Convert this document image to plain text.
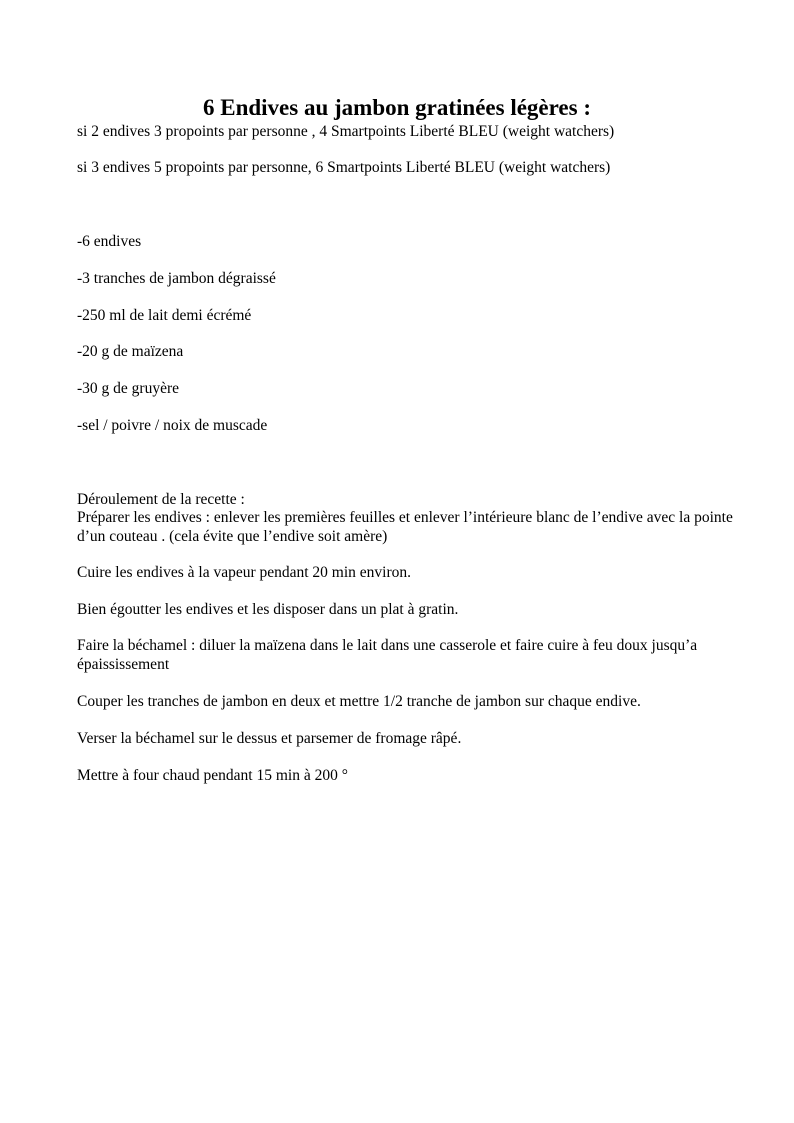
6 Endives au jambon gratinées légères :

si 2 endives 3 propoints par personne , 4 Smartpoints Liberté BLEU (weight watchers)

si 3 endives 5 propoints par personne, 6 Smartpoints Liberté BLEU (weight watchers)

-6 endives

-3 tranches de jambon dégraissé

-250 ml de lait demi écrémé

-20 g de maïzena

-30 g de gruyère

-sel / poivre / noix de muscade

Déroulement de la recette :

Préparer les endives : enlever les premières feuilles et enlever l’intérieure blanc de l’endive avec la pointe d’un couteau . (cela évite que l’endive soit amère)

Cuire les endives à la vapeur pendant 20 min environ.

Bien égoutter les endives et les disposer dans un plat à gratin.

Faire la béchamel : diluer la maïzena dans le lait dans une casserole et faire cuire à feu doux jusqu’a épaississement

Couper les tranches de jambon en deux et mettre 1/2 tranche de jambon sur chaque endive.

Verser la béchamel sur le dessus et parsemer de fromage râpé.

Mettre à four chaud pendant 15 min à 200 °
